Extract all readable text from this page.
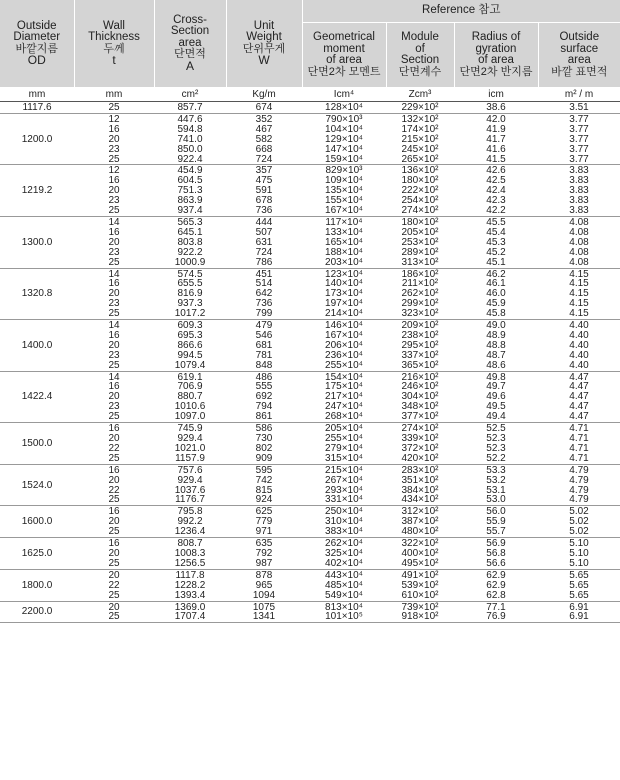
Outside
Diameter
바깥지름
OD	Wall
Thickness
두께
t	Cross-
Section
area
단면적
A	Unit
Weight
단위무게
W	Reference 참고			

				Geometrical
moment
of area
단면2차 모멘트	Module
of
Section
단면계수	Radius of
gyration
of area
단면2차 반지름	Outside
surface
area
바깥 표면적

mm	mm	cm²	Kg/m	Icm⁴	Zcm³	icm	m² / m
1117.6	25	857.7	674	128×10⁴	229×10²	38.6	3.51
1200.0	12	447.6	352	790×10³	132×10²	42.0	3.77
	16	594.8	467	104×10⁴	174×10²	41.9	3.77
	20	741.0	582	129×10⁴	215×10²	41.7	3.77
	23	850.0	668	147×10⁴	245×10²	41.6	3.77
	25	922.4	724	159×10⁴	265×10²	41.5	3.77
1219.2	12	454.9	357	829×10³	136×10²	42.6	3.83
	16	604.5	475	109×10⁴	180×10²	42.5	3.83
	20	751.3	591	135×10⁴	222×10²	42.4	3.83
	23	863.9	678	155×10⁴	254×10²	42.3	3.83
	25	937.4	736	167×10⁴	274×10²	42.2	3.83
1300.0	14	565.3	444	117×10⁴	180×10²	45.5	4.08
	16	645.1	507	133×10⁴	205×10²	45.4	4.08
	20	803.8	631	165×10⁴	253×10²	45.3	4.08
	23	922.2	724	188×10⁴	289×10²	45.2	4.08
	25	1000.9	786	203×10⁴	313×10²	45.1	4.08
1320.8	14	574.5	451	123×10⁴	186×10²	46.2	4.15
	16	655.5	514	140×10⁴	211×10²	46.1	4.15
	20	816.9	642	173×10⁴	262×10²	46.0	4.15
	23	937.3	736	197×10⁴	299×10²	45.9	4.15
	25	1017.2	799	214×10⁴	323×10²	45.8	4.15
1400.0	14	609.3	479	146×10⁴	209×10²	49.0	4.40
	16	695.3	546	167×10⁴	238×10²	48.9	4.40
	20	866.6	681	206×10⁴	295×10²	48.8	4.40
	23	994.5	781	236×10⁴	337×10²	48.7	4.40
	25	1079.4	848	255×10⁴	365×10²	48.6	4.40
1422.4	14	619.1	486	154×10⁴	216×10²	49.8	4.47
	16	706.9	555	175×10⁴	246×10²	49.7	4.47
	20	880.7	692	217×10⁴	304×10²	49.6	4.47
	23	1010.6	794	247×10⁴	348×10²	49.5	4.47
	25	1097.0	861	268×10⁴	377×10²	49.4	4.47
1500.0	16	745.9	586	205×10⁴	274×10²	52.5	4.71
	20	929.4	730	255×10⁴	339×10²	52.3	4.71
	22	1021.0	802	279×10⁴	372×10²	52.3	4.71
	25	1157.9	909	315×10⁴	420×10²	52.2	4.71
1524.0	16	757.6	595	215×10⁴	283×10²	53.3	4.79
	20	929.4	742	267×10⁴	351×10²	53.2	4.79
	22	1037.6	815	293×10⁴	384×10²	53.1	4.79
	25	1176.7	924	331×10⁴	434×10²	53.0	4.79
1600.0	16	795.8	625	250×10⁴	312×10²	56.0	5.02
	20	992.2	779	310×10⁴	387×10²	55.9	5.02
	25	1236.4	971	383×10⁴	480×10²	55.7	5.02
1625.0	16	808.7	635	262×10⁴	322×10²	56.9	5.10
	20	1008.3	792	325×10⁴	400×10²	56.8	5.10
	25	1256.5	987	402×10⁴	495×10²	56.6	5.10
1800.0	20	1117.8	878	443×10⁴	491×10²	62.9	5.65
	22	1228.2	965	485×10⁴	539×10²	62.9	5.65
	25	1393.4	1094	549×10⁴	610×10²	62.8	5.65
2200.0	20	1369.0	1075	813×10⁴	739×10²	77.1	6.91
	25	1707.4	1341	101×10⁵	918×10²	76.9	6.91
